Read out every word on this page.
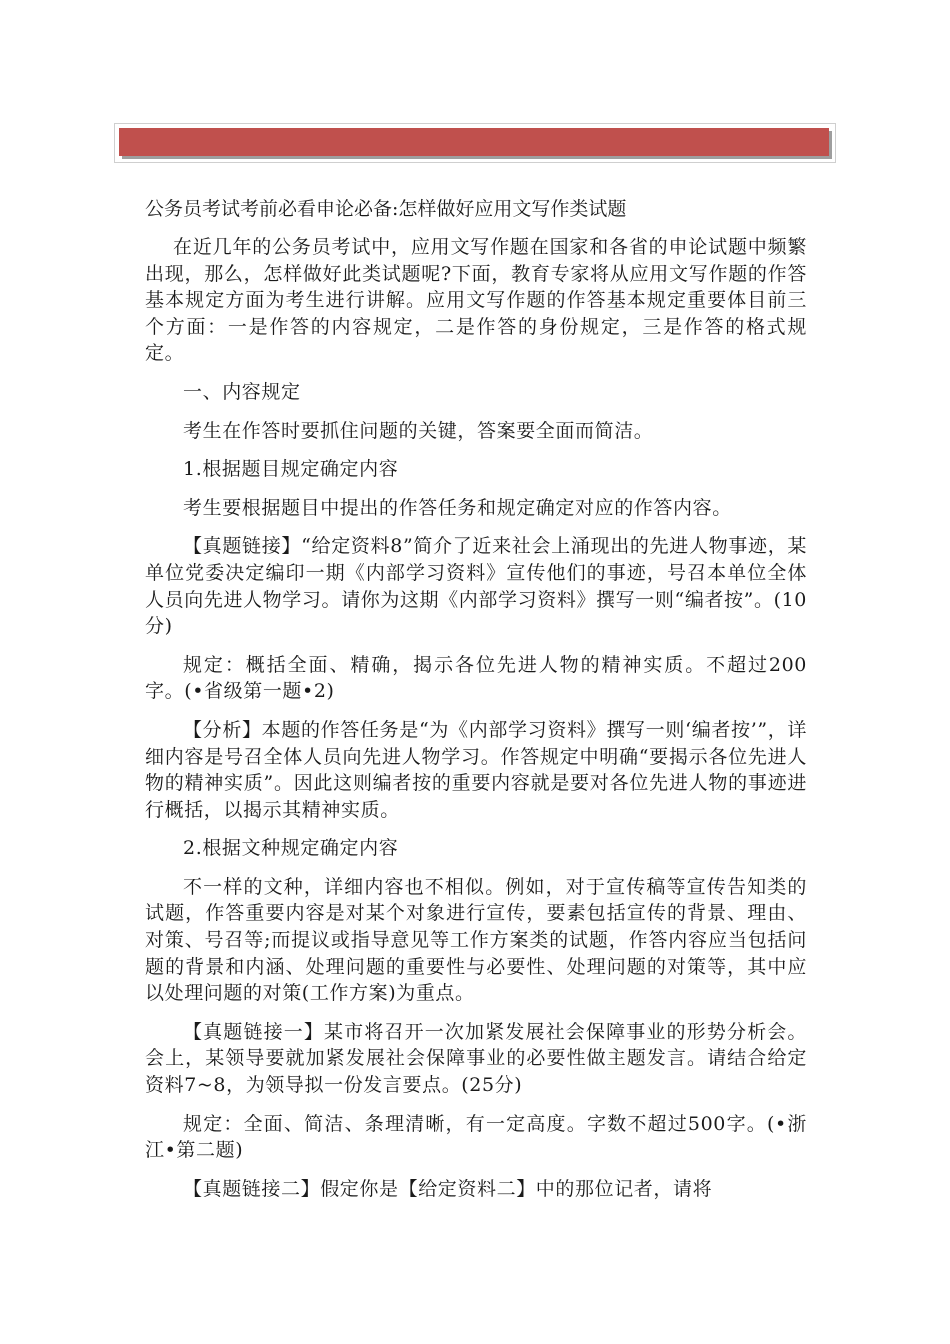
公务员考试考前必看申论必备:怎样做好应用文写作类试题

在近几年的公务员考试中，应用文写作题在国家和各省的申论试题中频繁出现，那么，怎样做好此类试题呢?下面，教育专家将从应用文写作题的作答基本规定方面为考生进行讲解。应用文写作题的作答基本规定重要体目前三个方面：一是作答的内容规定，二是作答的身份规定，三是作答的格式规定。

一、内容规定

考生在作答时要抓住问题的关键，答案要全面而简洁。

1.根据题目规定确定内容

考生要根据题目中提出的作答任务和规定确定对应的作答内容。

【真题链接】“给定资料8”简介了近来社会上涌现出的先进人物事迹，某单位党委决定编印一期《内部学习资料》宣传他们的事迹，号召本单位全体人员向先进人物学习。请你为这期《内部学习资料》撰写一则“编者按”。(10分)

规定：概括全面、精确，揭示各位先进人物的精神实质。不超过200字。(•省级第一题•2)

【分析】本题的作答任务是“为《内部学习资料》撰写一则‘编者按’”，详细内容是号召全体人员向先进人物学习。作答规定中明确“要揭示各位先进人物的精神实质”。因此这则编者按的重要内容就是要对各位先进人物的事迹进行概括，以揭示其精神实质。

2.根据文种规定确定内容

不一样的文种，详细内容也不相似。例如，对于宣传稿等宣传告知类的试题，作答重要内容是对某个对象进行宣传，要素包括宣传的背景、理由、对策、号召等;而提议或指导意见等工作方案类的试题，作答内容应当包括问题的背景和内涵、处理问题的重要性与必要性、处理问题的对策等，其中应以处理问题的对策(工作方案)为重点。

【真题链接一】某市将召开一次加紧发展社会保障事业的形势分析会。会上，某领导要就加紧发展社会保障事业的必要性做主题发言。请结合给定资料7~8，为领导拟一份发言要点。(25分)

规定：全面、简洁、条理清晰，有一定高度。字数不超过500字。(•浙江•第二题)

【真题链接二】假定你是【给定资料二】中的那位记者，请将
